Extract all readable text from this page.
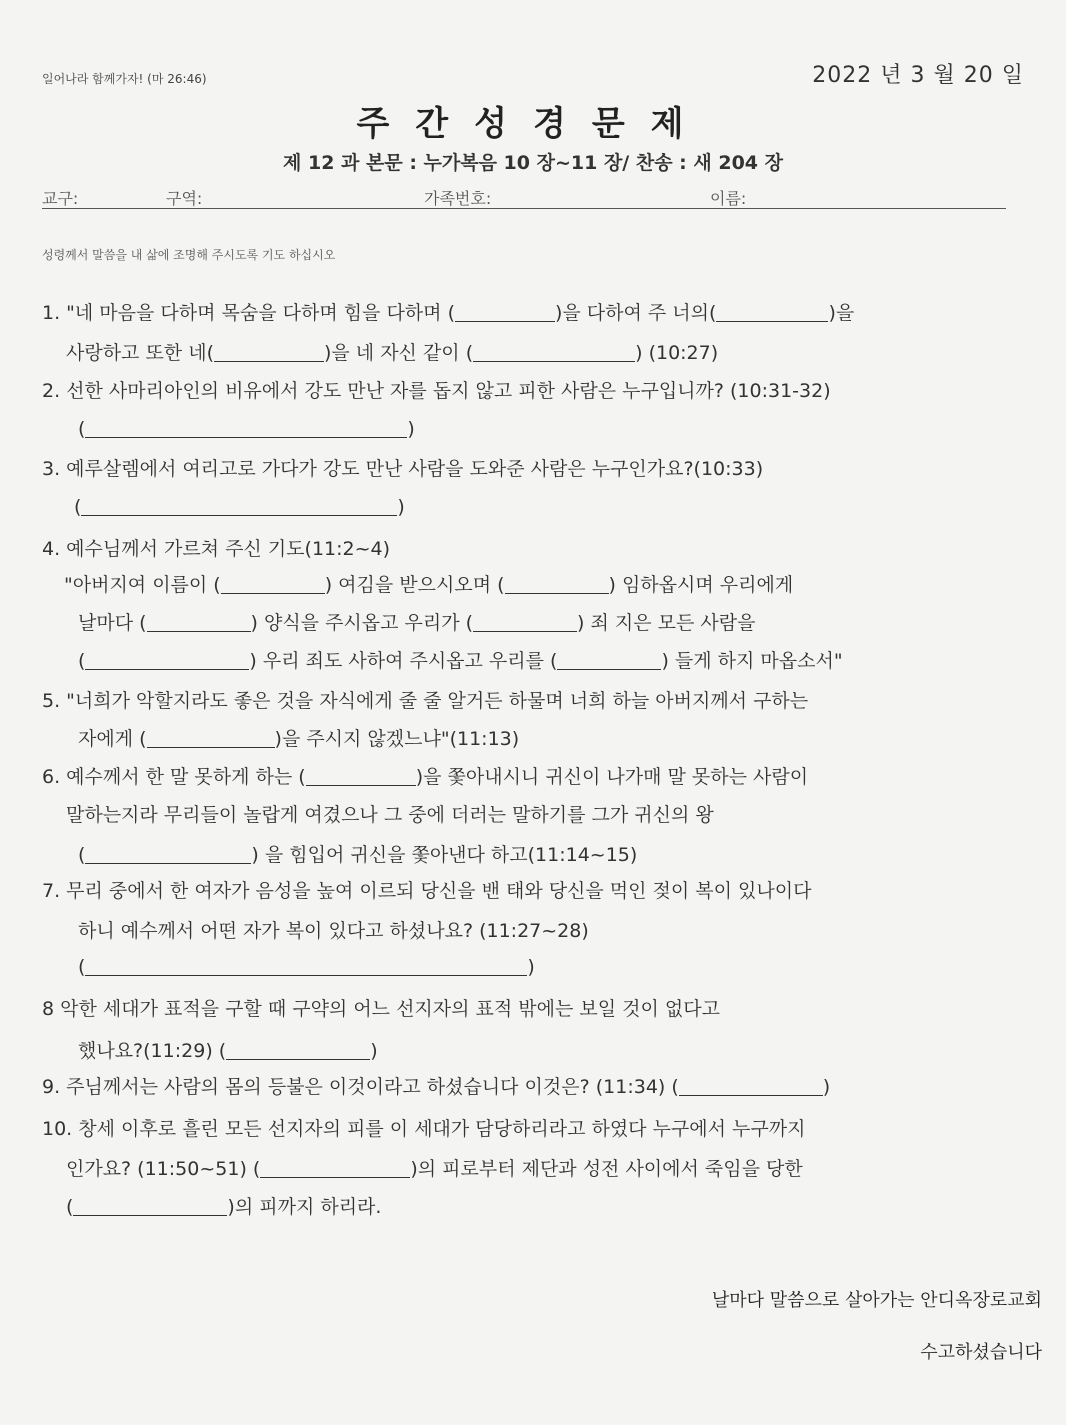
일어나라 함께가자! (마 26:46)	2022 년 3 월 20 일
주간성경문제
제 12 과 본문 : 누가복음 10 장~11 장/ 찬송 : 새 204 장
교구:	구역:	가족번호:	이름:
성령께서 말씀을 내 삶에 조명해 주시도록 기도 하십시오
1. "네 마음을 다하며 목숨을 다하며 힘을 다하며 (	)을 다하여 주 너의(	)을
사랑하고 또한 네(	)을 네 자신 같이 (	) (10:27)
2. 선한 사마리아인의 비유에서 강도 만난 자를 돕지 않고 피한 사람은 누구입니까? (10:31-32)
(	)
3. 예루살렘에서 여리고로 가다가 강도 만난 사람을 도와준 사람은 누구인가요?(10:33)
(	)
4. 예수님께서 가르쳐 주신 기도(11:2~4)
"아버지여 이름이 (	) 여김을 받으시오며 (	) 임하옵시며 우리에게
날마다 (	) 양식을 주시옵고 우리가 (	) 죄 지은 모든 사람을
(	) 우리 죄도 사하여 주시옵고 우리를 (	) 들게 하지 마옵소서"
5. "너희가 악할지라도 좋은 것을 자식에게 줄 줄 알거든 하물며 너희 하늘 아버지께서 구하는
자에게 (	)을 주시지 않겠느냐"(11:13)
6. 예수께서 한 말 못하게 하는 (	)을 쫓아내시니 귀신이 나가매 말 못하는 사람이
말하는지라 무리들이 놀랍게 여겼으나 그 중에 더러는 말하기를 그가 귀신의 왕
(	) 을 힘입어 귀신을 쫓아낸다 하고(11:14~15)
7. 무리 중에서 한 여자가 음성을 높여 이르되 당신을 밴 태와 당신을 먹인 젖이 복이 있나이다
하니 예수께서 어떤 자가 복이 있다고 하셨나요? (11:27~28)
(	)
8 악한 세대가 표적을 구할 때 구약의 어느 선지자의 표적 밖에는 보일 것이 없다고
했나요?(11:29) (	)
9. 주님께서는 사람의 몸의 등불은 이것이라고 하셨습니다 이것은? (11:34) (	)
10. 창세 이후로 흘린 모든 선지자의 피를 이 세대가 담당하리라고 하였다 누구에서 누구까지
인가요? (11:50~51) (	)의 피로부터 제단과 성전 사이에서 죽임을 당한
(	)의 피까지 하리라.
날마다 말씀으로 살아가는 안디옥장로교회
수고하셨습니다
